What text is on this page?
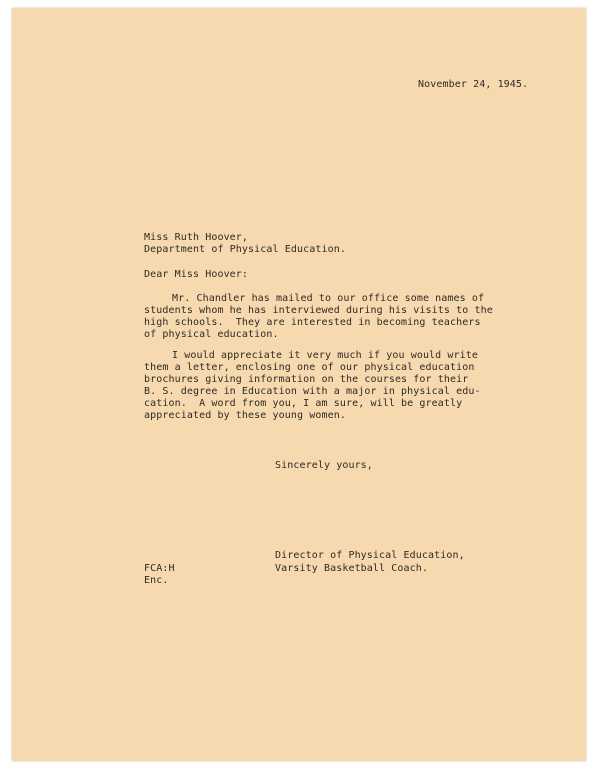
November 24, 1945.
Miss Ruth Hoover,
Department of Physical Education.
Dear Miss Hoover:
Mr. Chandler has mailed to our office some names of
students whom he has interviewed during his visits to the
high schools.  They are interested in becoming teachers
of physical education.
I would appreciate it very much if you would write
them a letter, enclosing one of our physical education
brochures giving information on the courses for their
B. S. degree in Education with a major in physical edu-
cation.  A word from you, I am sure, will be greatly
appreciated by these young women.
Sincerely yours,
Director of Physical Education,
Varsity Basketball Coach.
FCA:H
Enc.
